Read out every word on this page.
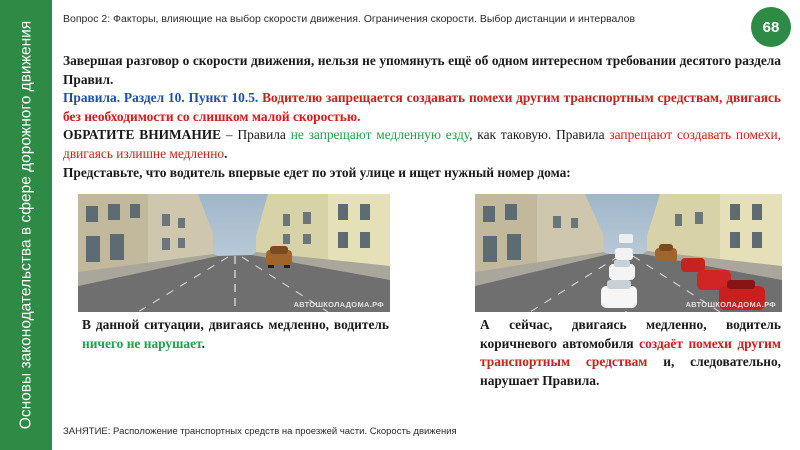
Основы законодательства в сфере дорожного движения
Вопрос 2: Факторы, влияющие на выбор скорости движения. Ограничения скорости. Выбор дистанции и интервалов	68
Завершая разговор о скорости движения, нельзя не упомянуть ещё об одном интересном требовании десятого раздела Правил.
Правила. Раздел 10. Пункт 10.5. Водителю запрещается создавать помехи другим транспортным средствам, двигаясь без необходимости со слишком малой скоростью.
ОБРАТИТЕ ВНИМАНИЕ – Правила не запрещают медленную езду, как таковую. Правила запрещают создавать помехи, двигаясь излишне медленно.
Представьте, что водитель впервые едет по этой улице и ищет нужный номер дома:
АВТОШКОЛАДОМА.РФ	АВТОШКОЛАДОМА.РФ
В данной ситуации, двигаясь медленно, водитель ничего не нарушает.
А сейчас, двигаясь медленно, водитель коричневого автомобиля создаёт помехи другим транспортным средствам и, следовательно, нарушает Правила.
ЗАНЯТИЕ: Расположение транспортных средств на проезжей части. Скорость движения
